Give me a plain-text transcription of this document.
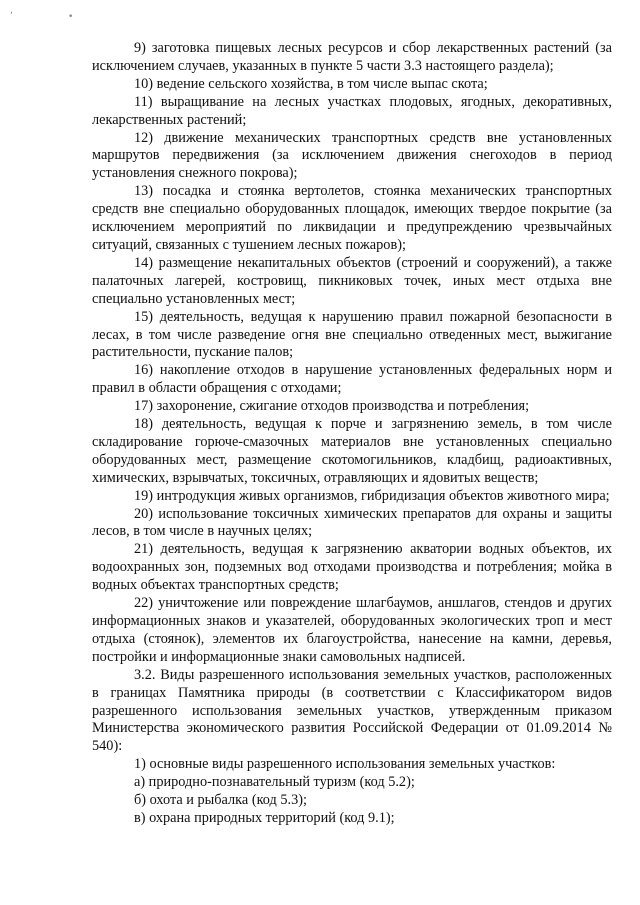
,
•

9) заготовка пищевых лесных ресурсов и сбор лекарственных растений (за исключением случаев, указанных в пункте 5 части 3.3 настоящего раздела);

10) ведение сельского хозяйства, в том числе выпас скота;

11) выращивание на лесных участках плодовых, ягодных, декоративных, лекарственных растений;

12) движение механических транспортных средств вне установленных маршрутов передвижения (за исключением движения снегоходов в период установления снежного покрова);

13) посадка и стоянка вертолетов, стоянка механических транспортных средств вне специально оборудованных площадок, имеющих твердое покрытие (за исключением мероприятий по ликвидации и предупреждению чрезвычайных ситуаций, связанных с тушением лесных пожаров);

14) размещение некапитальных объектов (строений и сооружений), а также палаточных лагерей, кострoвищ, пикниковых точек, иных мест отдыха вне специально установленных мест;

15) деятельность, ведущая к нарушению правил пожарной безопасности в лесах, в том числе разведение огня вне специально отведенных мест, выжигание растительности, пускание палов;

16) накопление отходов в нарушение установленных федеральных норм и правил в области обращения с отходами;

17) захоронение, сжигание отходов производства и потребления;

18) деятельность, ведущая к порче и загрязнению земель, в том числе складирование горюче-смазочных материалов вне установленных специально оборудованных мест, размещение скотомогильников, кладбищ, радиоактивных, химических, взрывчатых, токсичных, отравляющих и ядовитых веществ;

19) интродукция живых организмов, гибридизация объектов животного мира;

20) использование токсичных химических препаратов для охраны и защиты лесов, в том числе в научных целях;

21) деятельность, ведущая к загрязнению акватории водных объектов, их водоохранных зон, подземных вод отходами производства и потребления; мойка в водных объектах транспортных средств;

22) уничтожение или повреждение шлагбаумов, аншлагов, стендов и других информационных знаков и указателей, оборудованных экологических троп и мест отдыха (стоянок), элементов их благоустройства, нанесение на камни, деревья, постройки и информационные знаки самовольных надписей.

3.2. Виды разрешенного использования земельных участков, расположенных в границах Памятника природы (в соответствии с Классификатором видов разрешенного использования земельных участков, утвержденным приказом Министерства экономического развития Российской Федерации от 01.09.2014 № 540):

1) основные виды разрешенного использования земельных участков:

а) природно-познавательный туризм (код 5.2);

б) охота и рыбалка (код 5.3);

в) охрана природных территорий (код 9.1);
